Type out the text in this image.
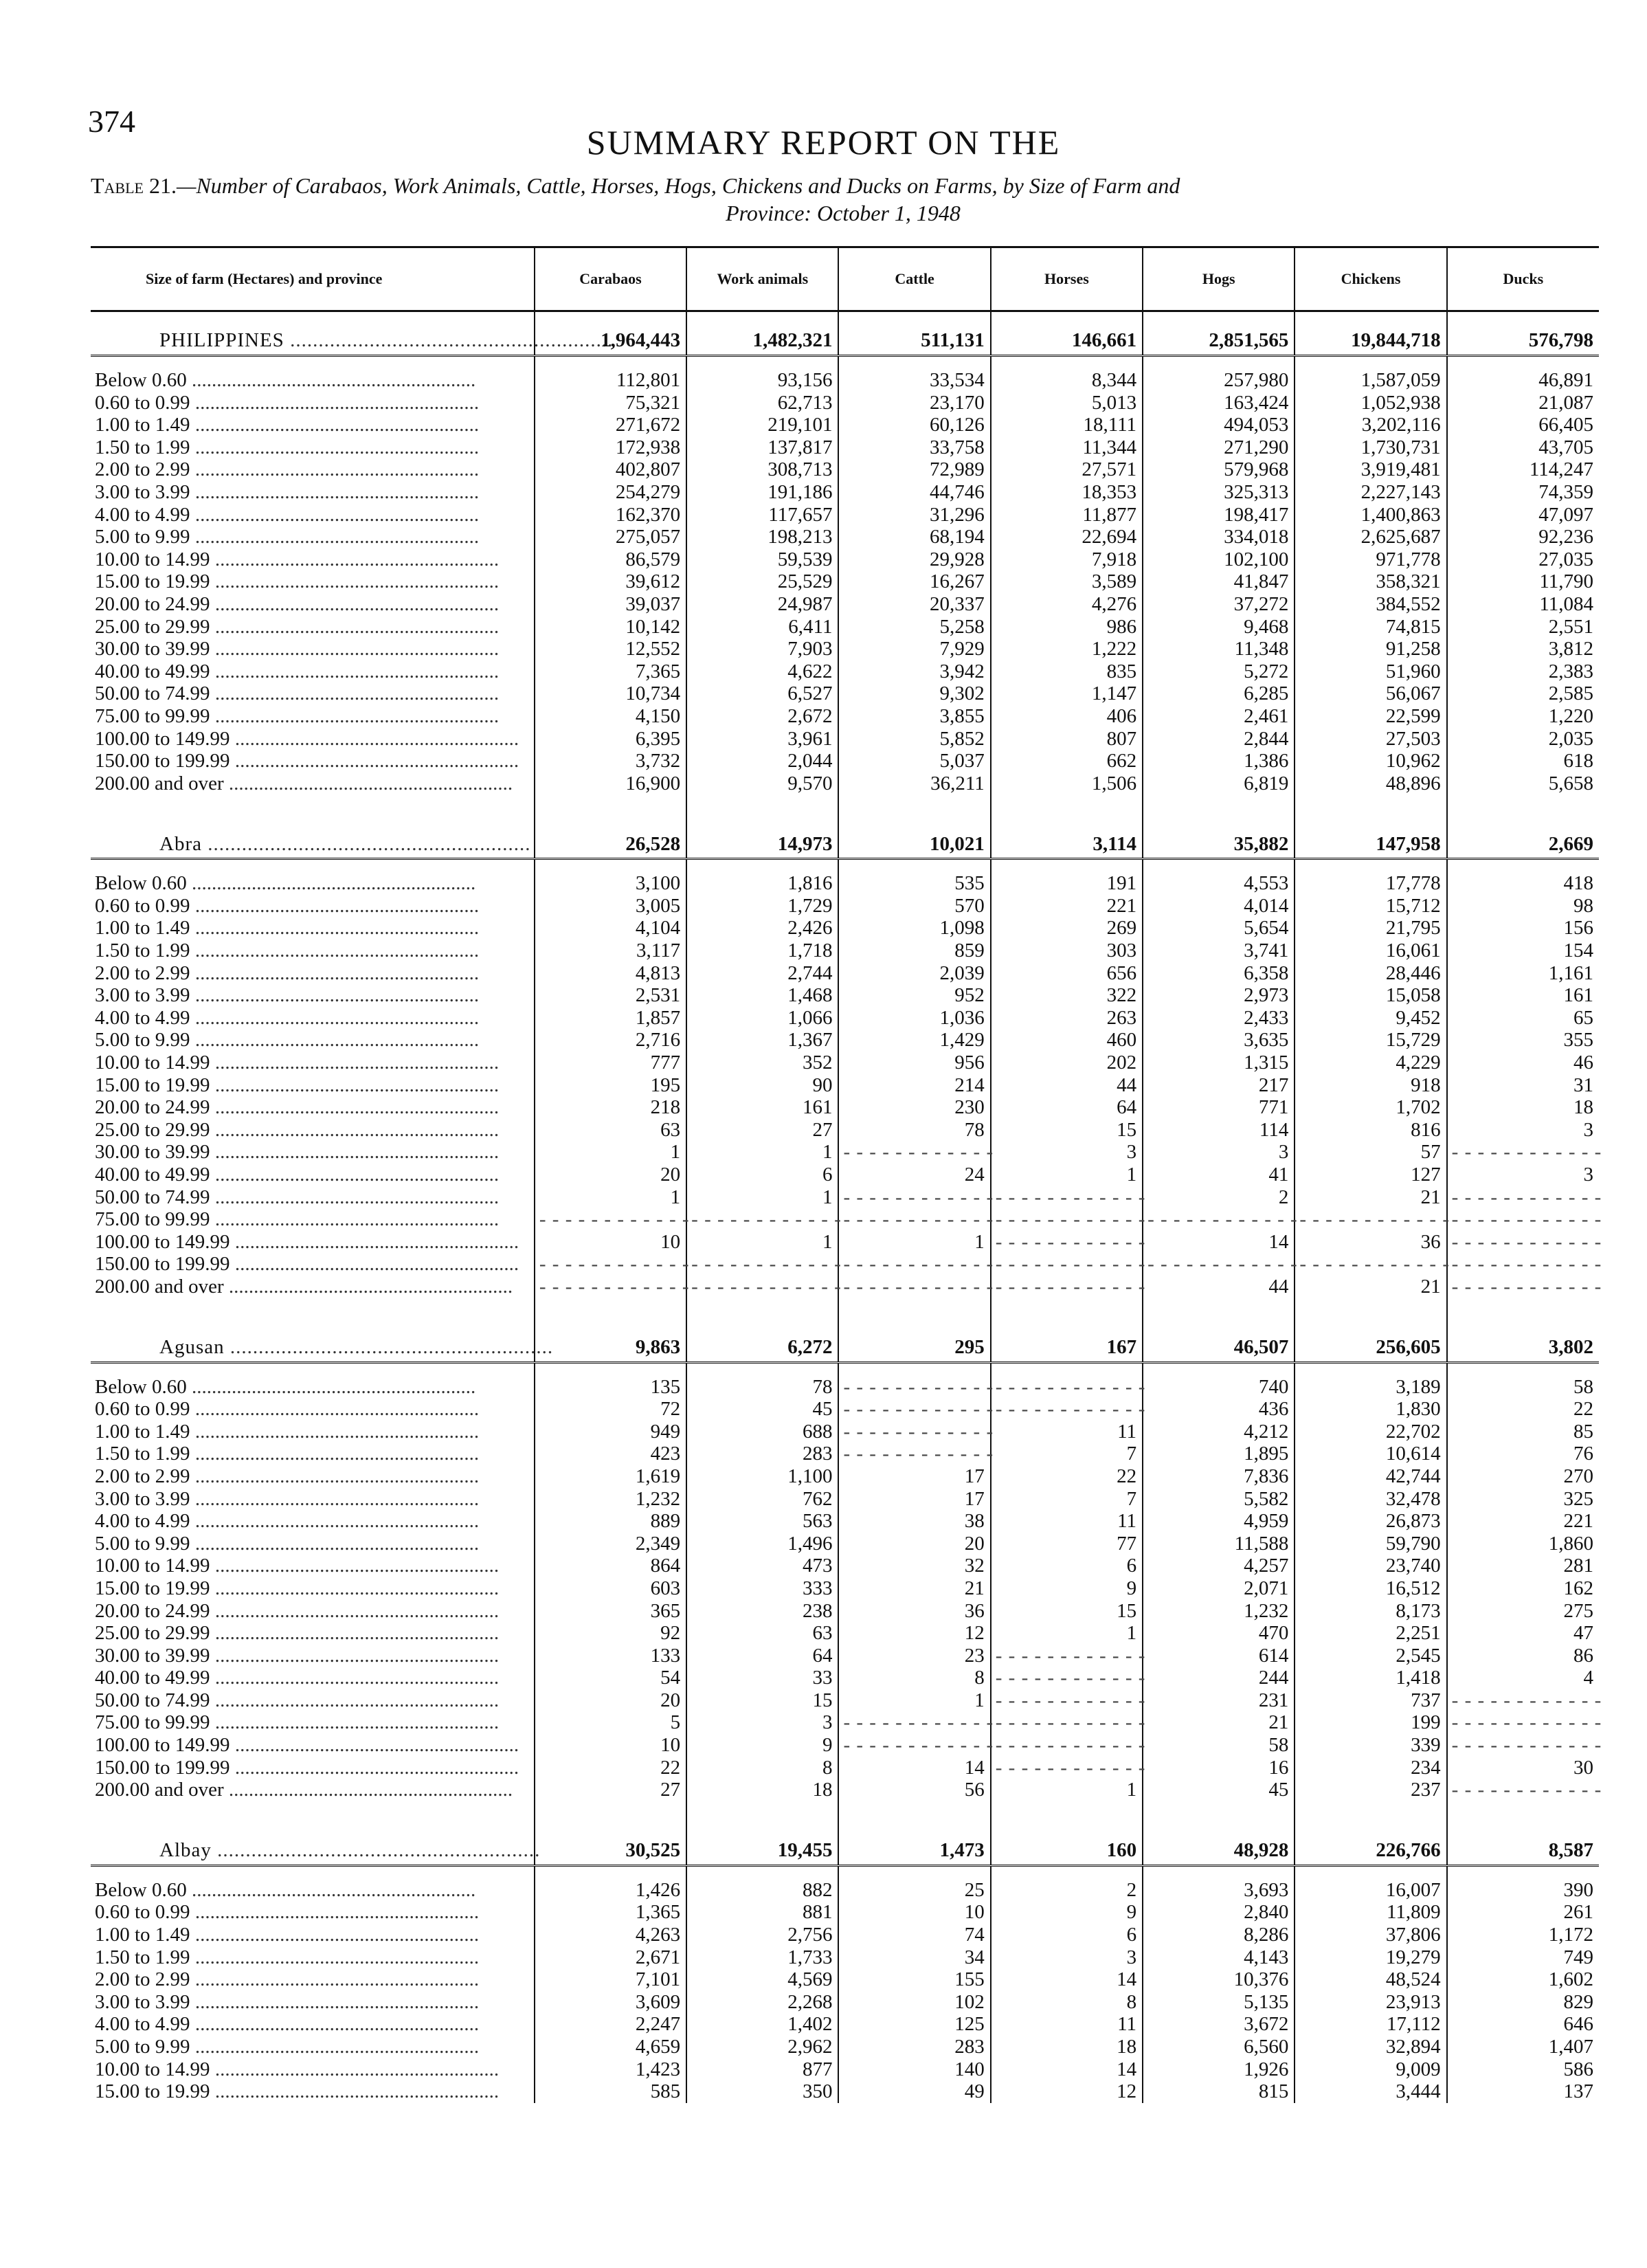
374
SUMMARY REPORT ON THE
Table 21.—Number of Carabaos, Work Animals, Cattle, Horses, Hogs, Chickens and Ducks on Farms, by Size of Farm and
Province: October 1, 1948
Size of farm (Hectares) and province	Carabaos	Work animals	Cattle	Horses	Hogs	Chickens	Ducks
PHILIPPINES .........................................................	1,964,443	1,482,321	511,131	146,661	2,851,565	19,844,718	576,798

Below 0.60 .........................................................	112,801	93,156	33,534	8,344	257,980	1,587,059	46,891
0.60 to 0.99 .........................................................	75,321	62,713	23,170	5,013	163,424	1,052,938	21,087
1.00 to 1.49 .........................................................	271,672	219,101	60,126	18,111	494,053	3,202,116	66,405
1.50 to 1.99 .........................................................	172,938	137,817	33,758	11,344	271,290	1,730,731	43,705
2.00 to 2.99 .........................................................	402,807	308,713	72,989	27,571	579,968	3,919,481	114,247
3.00 to 3.99 .........................................................	254,279	191,186	44,746	18,353	325,313	2,227,143	74,359
4.00 to 4.99 .........................................................	162,370	117,657	31,296	11,877	198,417	1,400,863	47,097
5.00 to 9.99 .........................................................	275,057	198,213	68,194	22,694	334,018	2,625,687	92,236
10.00 to 14.99 .........................................................	86,579	59,539	29,928	7,918	102,100	971,778	27,035
15.00 to 19.99 .........................................................	39,612	25,529	16,267	3,589	41,847	358,321	11,790
20.00 to 24.99 .........................................................	39,037	24,987	20,337	4,276	37,272	384,552	11,084
25.00 to 29.99 .........................................................	10,142	6,411	5,258	986	9,468	74,815	2,551
30.00 to 39.99 .........................................................	12,552	7,903	7,929	1,222	11,348	91,258	3,812
40.00 to 49.99 .........................................................	7,365	4,622	3,942	835	5,272	51,960	2,383
50.00 to 74.99 .........................................................	10,734	6,527	9,302	1,147	6,285	56,067	2,585
75.00 to 99.99 .........................................................	4,150	2,672	3,855	406	2,461	22,599	1,220
100.00 to 149.99 .........................................................	6,395	3,961	5,852	807	2,844	27,503	2,035
150.00 to 199.99 .........................................................	3,732	2,044	5,037	662	1,386	10,962	618
200.00 and over .........................................................	16,900	9,570	36,211	1,506	6,819	48,896	5,658

Abra .........................................................	26,528	14,973	10,021	3,114	35,882	147,958	2,669

Below 0.60 .........................................................	3,100	1,816	535	191	4,553	17,778	418
0.60 to 0.99 .........................................................	3,005	1,729	570	221	4,014	15,712	98
1.00 to 1.49 .........................................................	4,104	2,426	1,098	269	5,654	21,795	156
1.50 to 1.99 .........................................................	3,117	1,718	859	303	3,741	16,061	154
2.00 to 2.99 .........................................................	4,813	2,744	2,039	656	6,358	28,446	1,161
3.00 to 3.99 .........................................................	2,531	1,468	952	322	2,973	15,058	161
4.00 to 4.99 .........................................................	1,857	1,066	1,036	263	2,433	9,452	65
5.00 to 9.99 .........................................................	2,716	1,367	1,429	460	3,635	15,729	355
10.00 to 14.99 .........................................................	777	352	956	202	1,315	4,229	46
15.00 to 19.99 .........................................................	195	90	214	44	217	918	31
20.00 to 24.99 .........................................................	218	161	230	64	771	1,702	18
25.00 to 29.99 .........................................................	63	27	78	15	114	816	3
30.00 to 39.99 .........................................................	1	1	- - - - - - - - - - - -	3	3	57	- - - - - - - - - - - -
40.00 to 49.99 .........................................................	20	6	24	1	41	127	3
50.00 to 74.99 .........................................................	1	1	- - - - - - - - - - - -	- - - - - - - - - - - -	2	21	- - - - - - - - - - - -
75.00 to 99.99 .........................................................	- - - - - - - - - - - -	- - - - - - - - - - - -	- - - - - - - - - - - -	- - - - - - - - - - - -	- - - - - - - - - - - -	- - - - - - - - - - - -	- - - - - - - - - - - -
100.00 to 149.99 .........................................................	10	1	1	- - - - - - - - - - - -	14	36	- - - - - - - - - - - -
150.00 to 199.99 .........................................................	- - - - - - - - - - - -	- - - - - - - - - - - -	- - - - - - - - - - - -	- - - - - - - - - - - -	- - - - - - - - - - - -	- - - - - - - - - - - -	- - - - - - - - - - - -
200.00 and over .........................................................	- - - - - - - - - - - -	- - - - - - - - - - - -	- - - - - - - - - - - -	- - - - - - - - - - - -	44	21	- - - - - - - - - - - -

Agusan .........................................................	9,863	6,272	295	167	46,507	256,605	3,802

Below 0.60 .........................................................	135	78	- - - - - - - - - - - -	- - - - - - - - - - - -	740	3,189	58
0.60 to 0.99 .........................................................	72	45	- - - - - - - - - - - -	- - - - - - - - - - - -	436	1,830	22
1.00 to 1.49 .........................................................	949	688	- - - - - - - - - - - -	11	4,212	22,702	85
1.50 to 1.99 .........................................................	423	283	- - - - - - - - - - - -	7	1,895	10,614	76
2.00 to 2.99 .........................................................	1,619	1,100	17	22	7,836	42,744	270
3.00 to 3.99 .........................................................	1,232	762	17	7	5,582	32,478	325
4.00 to 4.99 .........................................................	889	563	38	11	4,959	26,873	221
5.00 to 9.99 .........................................................	2,349	1,496	20	77	11,588	59,790	1,860
10.00 to 14.99 .........................................................	864	473	32	6	4,257	23,740	281
15.00 to 19.99 .........................................................	603	333	21	9	2,071	16,512	162
20.00 to 24.99 .........................................................	365	238	36	15	1,232	8,173	275
25.00 to 29.99 .........................................................	92	63	12	1	470	2,251	47
30.00 to 39.99 .........................................................	133	64	23	- - - - - - - - - - - -	614	2,545	86
40.00 to 49.99 .........................................................	54	33	8	- - - - - - - - - - - -	244	1,418	4
50.00 to 74.99 .........................................................	20	15	1	- - - - - - - - - - - -	231	737	- - - - - - - - - - - -
75.00 to 99.99 .........................................................	5	3	- - - - - - - - - - - -	- - - - - - - - - - - -	21	199	- - - - - - - - - - - -
100.00 to 149.99 .........................................................	10	9	- - - - - - - - - - - -	- - - - - - - - - - - -	58	339	- - - - - - - - - - - -
150.00 to 199.99 .........................................................	22	8	14	- - - - - - - - - - - -	16	234	30
200.00 and over .........................................................	27	18	56	1	45	237	- - - - - - - - - - - -

Albay .........................................................	30,525	19,455	1,473	160	48,928	226,766	8,587

Below 0.60 .........................................................	1,426	882	25	2	3,693	16,007	390
0.60 to 0.99 .........................................................	1,365	881	10	9	2,840	11,809	261
1.00 to 1.49 .........................................................	4,263	2,756	74	6	8,286	37,806	1,172
1.50 to 1.99 .........................................................	2,671	1,733	34	3	4,143	19,279	749
2.00 to 2.99 .........................................................	7,101	4,569	155	14	10,376	48,524	1,602
3.00 to 3.99 .........................................................	3,609	2,268	102	8	5,135	23,913	829
4.00 to 4.99 .........................................................	2,247	1,402	125	11	3,672	17,112	646
5.00 to 9.99 .........................................................	4,659	2,962	283	18	6,560	32,894	1,407
10.00 to 14.99 .........................................................	1,423	877	140	14	1,926	9,009	586
15.00 to 19.99 .........................................................	585	350	49	12	815	3,444	137
